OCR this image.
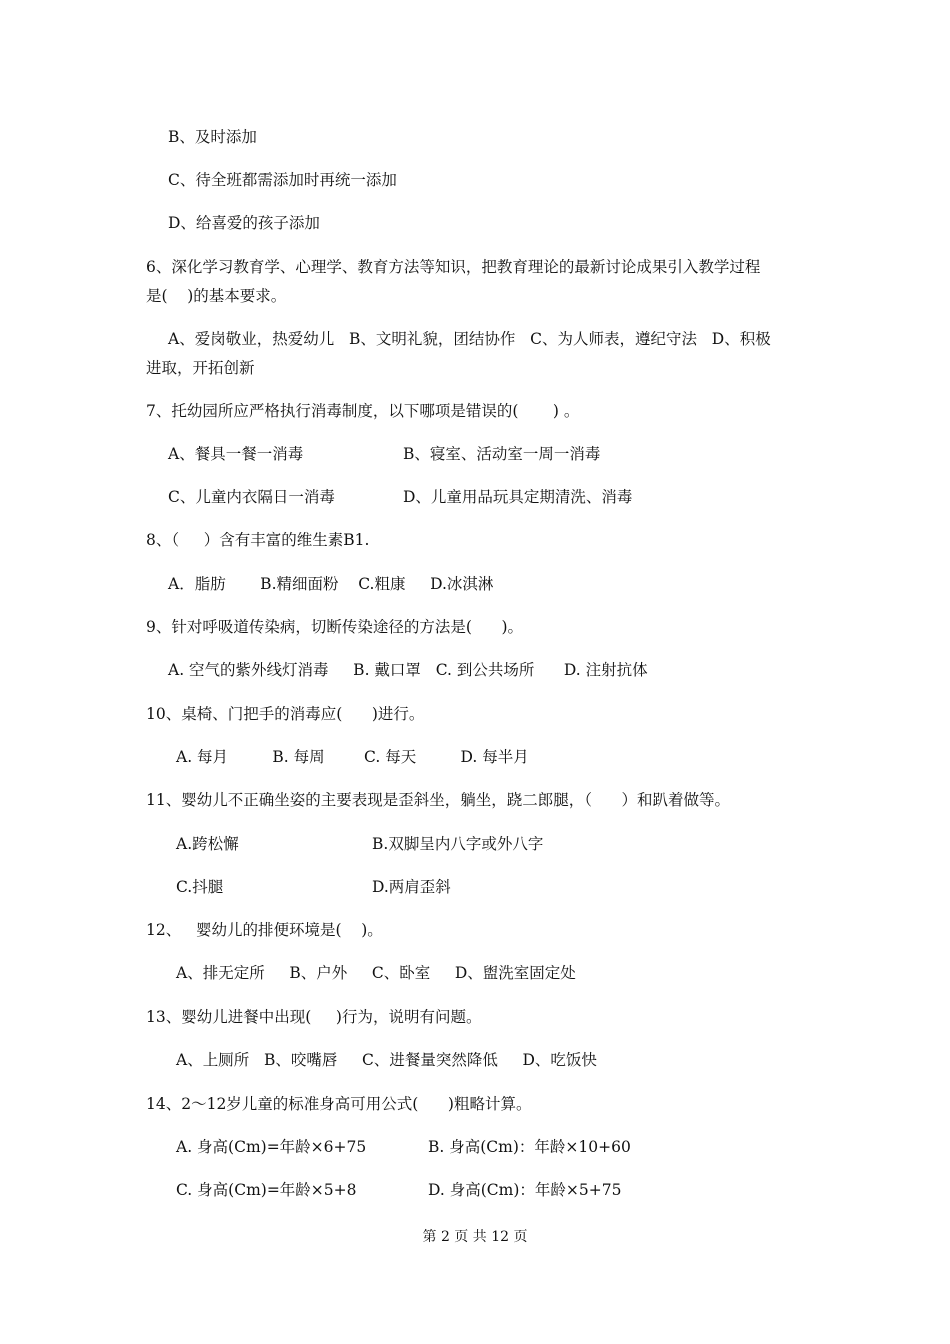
B、及时添加
C、待全班都需添加时再统一添加
D、给喜爱的孩子添加
6、深化学习教育学、心理学、教育方法等知识，把教育理论的最新讨论成果引入教学过程
是(    )的基本要求。
A、爱岗敬业，热爱幼儿   B、文明礼貌，团结协作   C、为人师表，遵纪守法   D、积极
进取，开拓创新
7、托幼园所应严格执行消毒制度，以下哪项是错误的(       ) 。
A、餐具一餐一消毒	B、寝室、活动室一周一消毒
C、儿童内衣隔日一消毒	D、儿童用品玩具定期清洗、消毒
8、（     ）含有丰富的维生素B1.
A．脂肪       B.精细面粉    C.粗康     D.冰淇淋
9、针对呼吸道传染病，切断传染途径的方法是(      )。
A. 空气的紫外线灯消毒     B. 戴口罩   C. 到公共场所      D. 注射抗体
10、桌椅、门把手的消毒应(      )进行。
A. 每月         B. 每周        C. 每天         D. 每半月
11、婴幼儿不正确坐姿的主要表现是歪斜坐，躺坐，跷二郎腿，（      ）和趴着做等。
A.跨松懈	B.双脚呈内八字或外八字
C.抖腿	D.两肩歪斜
12、   婴幼儿的排便环境是(    )。
A、排无定所     B、户外     C、卧室     D、盥洗室固定处
13、婴幼儿进餐中出现(     )行为，说明有问题。
A、上厕所   B、咬嘴唇     C、进餐量突然降低     D、吃饭快
14、2～12岁儿童的标准身高可用公式(      )粗略计算。
A. 身高(Cm)=年龄×6+75	B. 身高(Cm)：年龄×10+60
C. 身高(Cm)=年龄×5+8	D. 身高(Cm)：年龄×5+75
第 2 页 共 12 页
